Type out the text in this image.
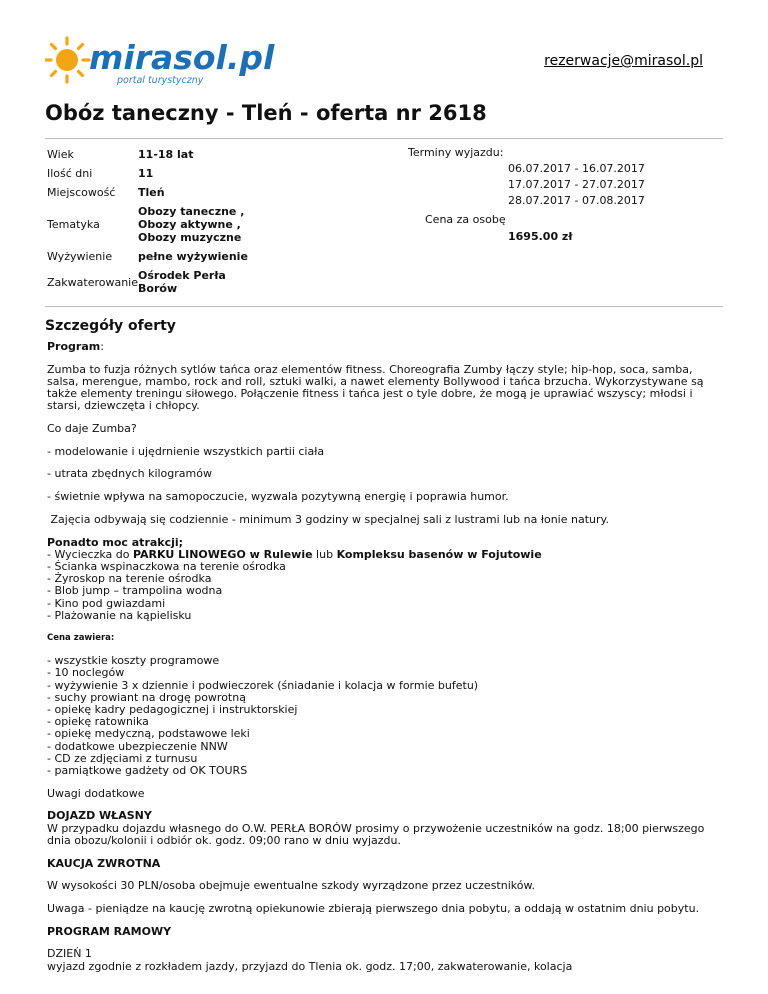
mirasol.pl
portal turystyczny
rezerwacje@mirasol.pl
Obóz taneczny - Tleń - oferta nr 2618
Wiek	11-18 lat
Ilość dni	11
Miejscowość	Tleń
Tematyka	Obozy taneczne , Obozy aktywne , Obozy muzyczne
Wyżywienie	pełne wyżywienie
Zakwaterowanie	Ośrodek Perła Borów
Terminy wyjazdu:
06.07.2017 - 16.07.2017
17.07.2017 - 27.07.2017
28.07.2017 - 07.08.2017
Cena za osobę
1695.00 zł
Szczegóły oferty

Program:

Zumba to fuzja różnych sytlów tańca oraz elementów fitness. Choreografia Zumby łączy style; hip-hop, soca, samba, salsa, merengue, mambo, rock and roll, sztuki walki, a nawet elementy Bollywood i tańca brzucha. Wykorzystywane są także elementy treningu siłowego. Połączenie fitness i tańca jest o tyle dobre, że mogą je uprawiać wszyscy; młodsi i starsi, dziewczęta i chłopcy.

Co daje Zumba?

- modelowanie i ujędrnienie wszystkich partii ciała

- utrata zbędnych kilogramów

- świetnie wpływa na samopoczucie, wyzwala pozytywną energię i poprawia humor.

Zajęcia odbywają się codziennie - minimum 3 godziny w specjalnej sali z lustrami lub na łonie natury.

Ponadto moc atrakcji;
- Wycieczka do PARKU LINOWEGO w Rulewie lub Kompleksu basenów w Fojutowie
- Ścianka wspinaczkowa na terenie ośrodka
- Żyroskop na terenie ośrodka
- Blob jump – trampolina wodna
- Kino pod gwiazdami
- Plażowanie na kąpielisku

Cena zawiera:

- wszystkie koszty programowe
- 10 noclegów
- wyżywienie 3 x dziennie i podwieczorek (śniadanie i kolacja w formie bufetu)
- suchy prowiant na drogę powrotną
- opiekę kadry pedagogicznej i instruktorskiej
- opiekę ratownika
- opiekę medyczną, podstawowe leki
- dodatkowe ubezpieczenie NNW
- CD ze zdjęciami z turnusu
- pamiątkowe gadżety od OK TOURS

Uwagi dodatkowe

DOJAZD WŁASNY
W przypadku dojazdu własnego do O.W. PERŁA BORÓW prosimy o przywożenie uczestników na godz. 18;00 pierwszego dnia obozu/kolonii i odbiór ok. godz. 09;00 rano w dniu wyjazdu.

KAUCJA ZWROTNA

W wysokości 30 PLN/osoba obejmuje ewentualne szkody wyrządzone przez uczestników.

Uwaga - pieniądze na kaucję zwrotną opiekunowie zbierają pierwszego dnia pobytu, a oddają w ostatnim dniu pobytu.

PROGRAM RAMOWY

DZIEŃ 1
wyjazd zgodnie z rozkładem jazdy, przyjazd do Tlenia ok. godz. 17;00, zakwaterowanie, kolacja
